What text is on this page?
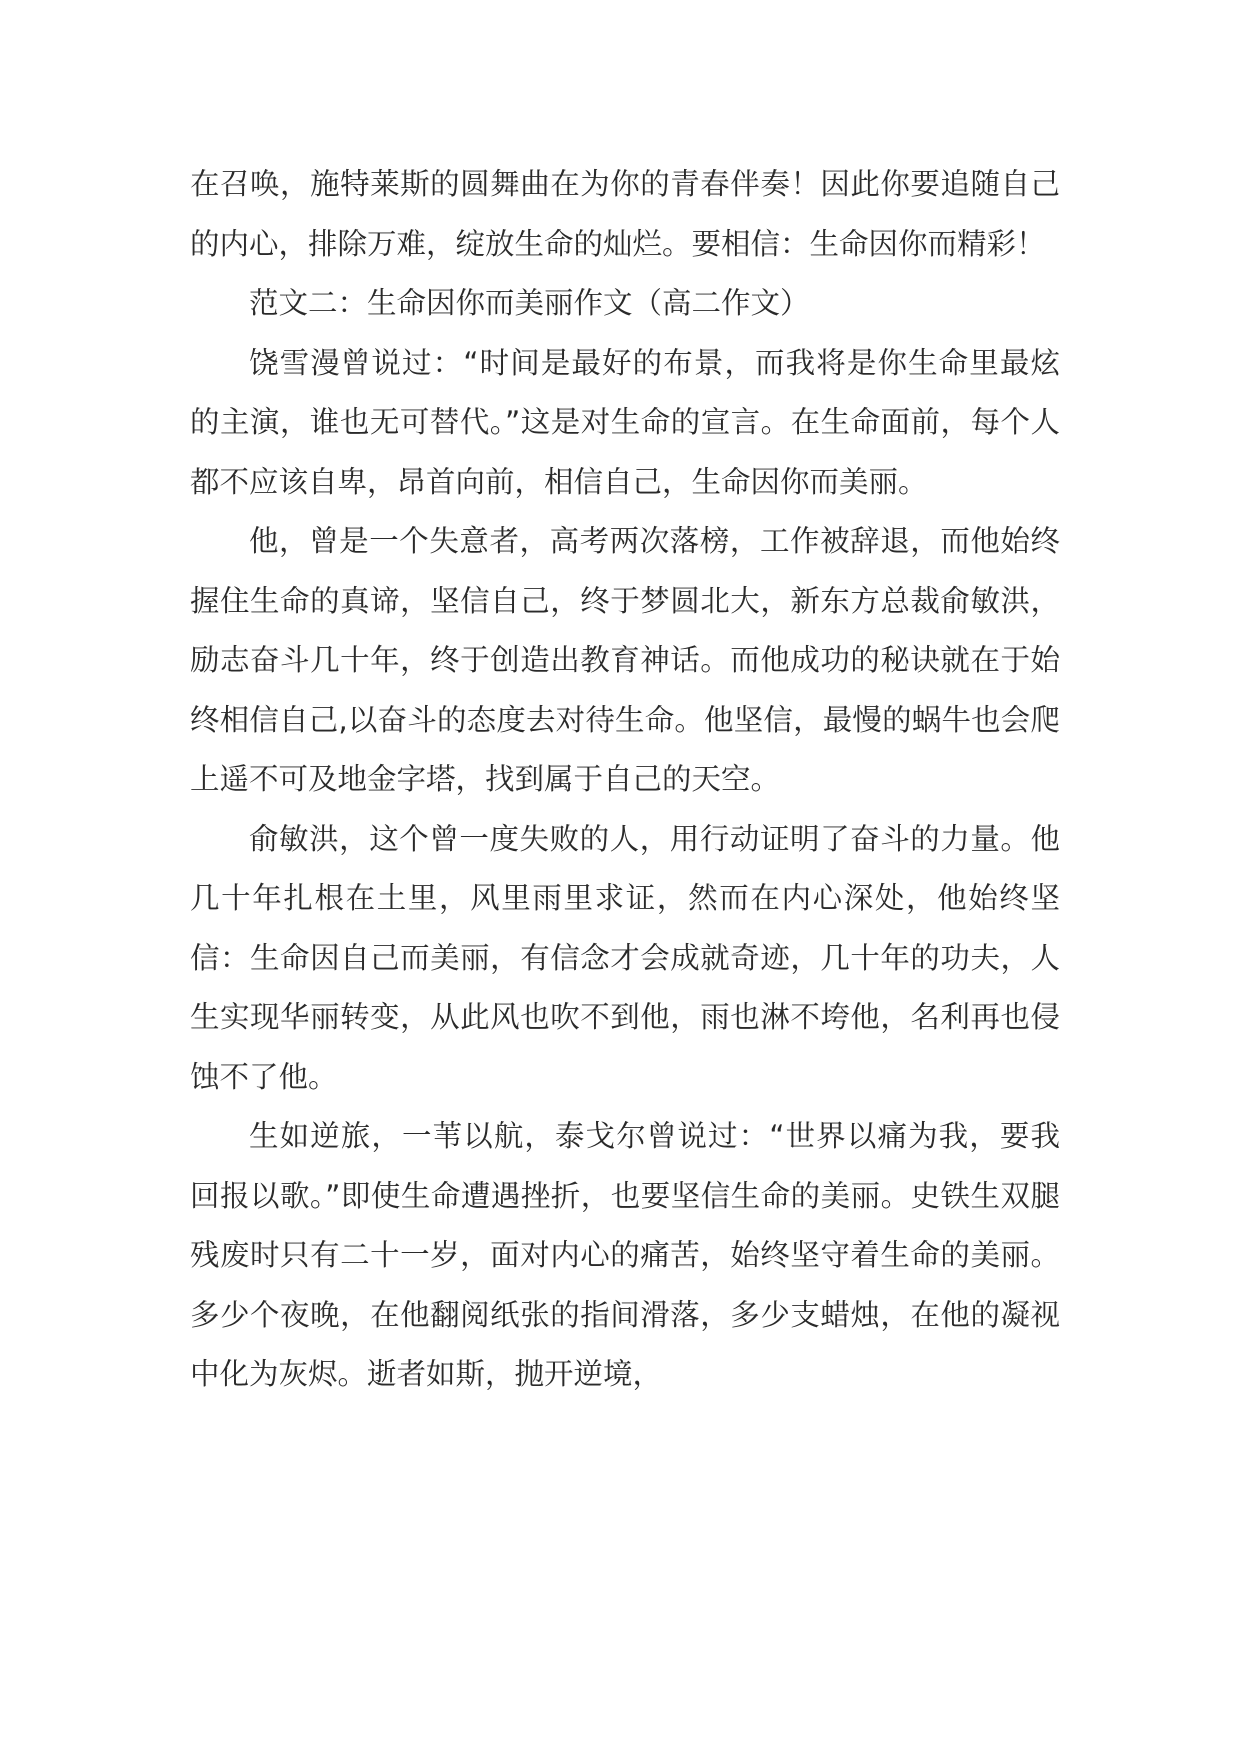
在召唤，施特莱斯的圆舞曲在为你的青春伴奏！因此你要追随自己的内心，排除万难，绽放生命的灿烂。要相信：生命因你而精彩！

范文二：生命因你而美丽作文（高二作文）

饶雪漫曾说过：“时间是最好的布景，而我将是你生命里最炫的主演，谁也无可替代。”这是对生命的宣言。在生命面前，每个人都不应该自卑，昂首向前，相信自己，生命因你而美丽。

他，曾是一个失意者，高考两次落榜，工作被辞退，而他始终握住生命的真谛，坚信自己，终于梦圆北大，新东方总裁俞敏洪，励志奋斗几十年，终于创造出教育神话。而他成功的秘诀就在于始终相信自己,以奋斗的态度去对待生命。他坚信，最慢的蜗牛也会爬上遥不可及地金字塔，找到属于自己的天空。

俞敏洪，这个曾一度失败的人，用行动证明了奋斗的力量。他几十年扎根在土里，风里雨里求证，然而在内心深处，他始终坚信：生命因自己而美丽，有信念才会成就奇迹，几十年的功夫，人生实现华丽转变，从此风也吹不到他，雨也淋不垮他，名利再也侵蚀不了他。

生如逆旅，一苇以航，泰戈尔曾说过：“世界以痛为我，要我回报以歌。”即使生命遭遇挫折，也要坚信生命的美丽。史铁生双腿残废时只有二十一岁，面对内心的痛苦，始终坚守着生命的美丽。多少个夜晚，在他翻阅纸张的指间滑落，多少支蜡烛，在他的凝视中化为灰烬。逝者如斯，抛开逆境，
